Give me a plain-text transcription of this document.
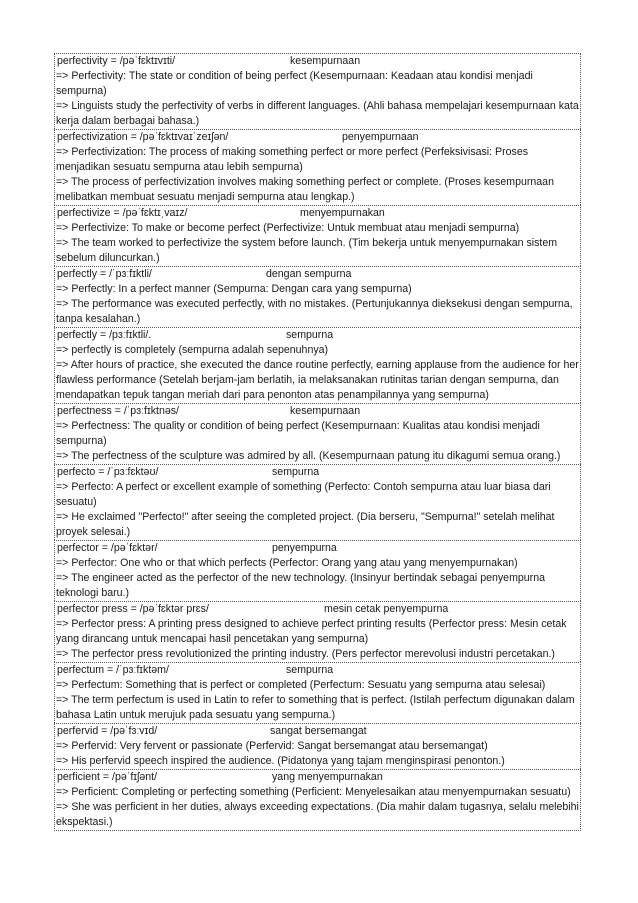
perfectivity = /pəˈfɛktɪvɪti/	kesempurnaan

=> Perfectivity: The state or condition of being perfect (Kesempurnaan: Keadaan atau kondisi menjadi sempurna)

=> Linguists study the perfectivity of verbs in different languages. (Ahli bahasa mempelajari kesempurnaan kata kerja dalam berbagai bahasa.)

perfectivization = /pəˈfɛktɪvaɪˈzeɪʃən/	penyempurnaan

=> Perfectivization: The process of making something perfect or more perfect (Perfeksivisasi: Proses menjadikan sesuatu sempurna atau lebih sempurna)

=> The process of perfectivization involves making something perfect or complete. (Proses kesempurnaan melibatkan membuat sesuatu menjadi sempurna atau lengkap.)

perfectivize = /pəˈfɛktɪˌvaɪz/	menyempurnakan

=> Perfectivize: To make or become perfect (Perfectivize: Untuk membuat atau menjadi sempurna)

=> The team worked to perfectivize the system before launch. (Tim bekerja untuk menyempurnakan sistem sebelum diluncurkan.)

perfectly = /ˈpɜːfɪktli/	dengan sempurna

=> Perfectly: In a perfect manner (Sempurna: Dengan cara yang sempurna)

=> The performance was executed perfectly, with no mistakes. (Pertunjukannya dieksekusi dengan sempurna, tanpa kesalahan.)

perfectly = /pɜːfɪktli/.	sempurna

=> perfectly is completely (sempurna adalah sepenuhnya)

=> After hours of practice, she executed the dance routine perfectly, earning applause from the audience for her flawless performance (Setelah berjam-jam berlatih, ia melaksanakan rutinitas tarian dengan sempurna, dan mendapatkan tepuk tangan meriah dari para penonton atas penampilannya yang sempurna)

perfectness = /ˈpɜːfɪktnəs/	kesempurnaan

=> Perfectness: The quality or condition of being perfect (Kesempurnaan: Kualitas atau kondisi menjadi sempurna)

=> The perfectness of the sculpture was admired by all. (Kesempurnaan patung itu dikagumi semua orang.)

perfecto = /ˈpɜːfɛktəʊ/	sempurna

=> Perfecto: A perfect or excellent example of something (Perfecto: Contoh sempurna atau luar biasa dari sesuatu)

=> He exclaimed "Perfecto!" after seeing the completed project. (Dia berseru, "Sempurna!" setelah melihat proyek selesai.)

perfector = /pəˈfɛktər/	penyempurna

=> Perfector: One who or that which perfects (Perfector: Orang yang atau yang menyempurnakan)

=> The engineer acted as the perfector of the new technology. (Insinyur bertindak sebagai penyempurna teknologi baru.)

perfector press = /pəˈfɛktər prɛs/	mesin cetak penyempurna

=> Perfector press: A printing press designed to achieve perfect printing results (Perfector press: Mesin cetak yang dirancang untuk mencapai hasil pencetakan yang sempurna)

=> The perfector press revolutionized the printing industry. (Pers perfector merevolusi industri percetakan.)

perfectum = /ˈpɜːfɪktəm/	sempurna

=> Perfectum: Something that is perfect or completed (Perfectum: Sesuatu yang sempurna atau selesai)

=> The term perfectum is used in Latin to refer to something that is perfect. (Istilah perfectum digunakan dalam bahasa Latin untuk merujuk pada sesuatu yang sempurna.)

perfervid = /pəˈfɜːvɪd/	sangat bersemangat

=> Perfervid: Very fervent or passionate (Perfervid: Sangat bersemangat atau bersemangat)

=> His perfervid speech inspired the audience. (Pidatonya yang tajam menginspirasi penonton.)

perficient = /pəˈfɪʃənt/	yang menyempurnakan

=> Perficient: Completing or perfecting something (Perficient: Menyelesaikan atau menyempurnakan sesuatu)

=> She was perficient in her duties, always exceeding expectations. (Dia mahir dalam tugasnya, selalu melebihi ekspektasi.)
